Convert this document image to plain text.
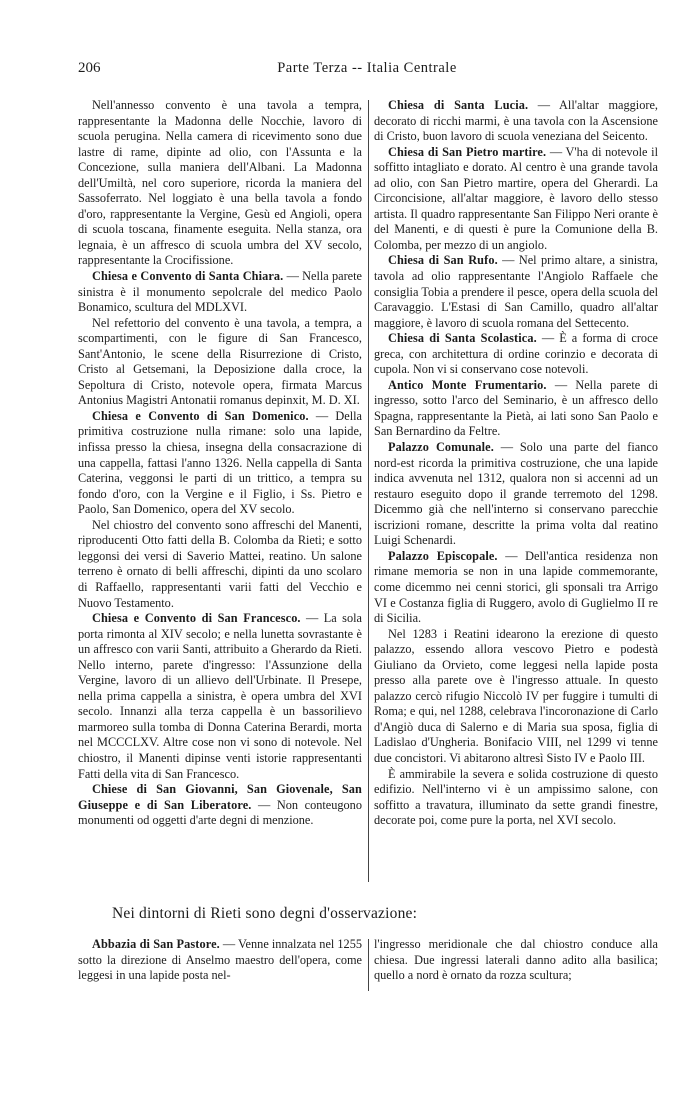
206	Parte Terza -- Italia Centrale

Nell'annesso convento è una tavola a tempra, rappresentante la Madonna delle Nocchie, lavoro di scuola perugina. Nella camera di ricevimento sono due lastre di rame, dipinte ad olio, con l'Assunta e la Concezione, sulla maniera dell'Albani. La Madonna dell'Umiltà, nel coro superiore, ricorda la maniera del Sassoferrato. Nel loggiato è una bella tavola a fondo d'oro, rappresentante la Vergine, Gesù ed Angioli, opera di scuola toscana, finamente eseguita. Nella stanza, ora legnaia, è un affresco di scuola umbra del XV secolo, rappresentante la Crocifissione.

Chiesa e Convento di Santa Chiara. — Nella parete sinistra è il monumento sepolcrale del medico Paolo Bonamico, scultura del MDLXVI.

Nel refettorio del convento è una tavola, a tempra, a scompartimenti, con le figure di San Francesco, Sant'Antonio, le scene della Risurrezione di Cristo, Cristo al Getsemani, la Deposizione dalla croce, la Sepoltura di Cristo, notevole opera, firmata Marcus Antonius Magistri Antonatii romanus depinxit, M. D. XI.

Chiesa e Convento di San Domenico. — Della primitiva costruzione nulla rimane: solo una lapide, infissa presso la chiesa, insegna della consacrazione di una cappella, fattasi l'anno 1326. Nella cappella di Santa Caterina, veggonsi le parti di un trittico, a tempra su fondo d'oro, con la Vergine e il Figlio, i Ss. Pietro e Paolo, San Domenico, opera del XV secolo.

Nel chiostro del convento sono affreschi del Manenti, riproducenti Otto fatti della B. Colomba da Rieti; e sotto leggonsi dei versi di Saverio Mattei, reatino. Un salone terreno è ornato di belli affreschi, dipinti da uno scolaro di Raffaello, rappresentanti varii fatti del Vecchio e Nuovo Testamento.

Chiesa e Convento di San Francesco. — La sola porta rimonta al XIV secolo; e nella lunetta sovrastante è un affresco con varii Santi, attribuito a Gherardo da Rieti. Nello interno, parete d'ingresso: l'Assunzione della Vergine, lavoro di un allievo dell'Urbinate. Il Presepe, nella prima cappella a sinistra, è opera umbra del XVI secolo. Innanzi alla terza cappella è un bassorilievo marmoreo sulla tomba di Donna Caterina Berardi, morta nel MCCCLXV. Altre cose non vi sono di notevole. Nel chiostro, il Manenti dipinse venti istorie rappresentanti Fatti della vita di San Francesco.

Chiese di San Giovanni, San Giovenale, San Giuseppe e di San Liberatore. — Non conteugono monumenti od oggetti d'arte degni di menzione.

Chiesa di Santa Lucia. — All'altar maggiore, decorato di ricchi marmi, è una tavola con la Ascensione di Cristo, buon lavoro di scuola veneziana del Seicento.

Chiesa di San Pietro martire. — V'ha di notevole il soffitto intagliato e dorato. Al centro è una grande tavola ad olio, con San Pietro martire, opera del Gherardi. La Circoncisione, all'altar maggiore, è lavoro dello stesso artista. Il quadro rappresentante San Filippo Neri orante è del Manenti, e di questi è pure la Comunione della B. Colomba, per mezzo di un angiolo.

Chiesa di San Rufo. — Nel primo altare, a sinistra, tavola ad olio rappresentante l'Angiolo Raffaele che consiglia Tobia a prendere il pesce, opera della scuola del Caravaggio. L'Estasi di San Camillo, quadro all'altar maggiore, è lavoro di scuola romana del Settecento.

Chiesa di Santa Scolastica. — È a forma di croce greca, con architettura di ordine corinzio e decorata di cupola. Non vi si conservano cose notevoli.

Antico Monte Frumentario. — Nella parete di ingresso, sotto l'arco del Seminario, è un affresco dello Spagna, rappresentante la Pietà, ai lati sono San Paolo e San Bernardino da Feltre.

Palazzo Comunale. — Solo una parte del fianco nord-est ricorda la primitiva costruzione, che una lapide indica avvenuta nel 1312, qualora non si accenni ad un restauro eseguito dopo il grande terremoto del 1298. Dicemmo già che nell'interno si conservano parecchie iscrizioni romane, descritte la prima volta dal reatino Luigi Schenardi.

Palazzo Episcopale. — Dell'antica residenza non rimane memoria se non in una lapide commemorante, come dicemmo nei cenni storici, gli sponsali tra Arrigo VI e Costanza figlia di Ruggero, avolo di Guglielmo II re di Sicilia.

Nel 1283 i Reatini idearono la erezione di questo palazzo, essendo allora vescovo Pietro e podestà Giuliano da Orvieto, come leggesi nella lapide posta presso alla parete ove è l'ingresso attuale. In questo palazzo cercò rifugio Niccolò IV per fuggire i tumulti di Roma; e qui, nel 1288, celebrava l'incoronazione di Carlo d'Angiò duca di Salerno e di Maria sua sposa, figlia di Ladislao d'Ungheria. Bonifacio VIII, nel 1299 vi tenne due concistori. Vi abitarono altresì Sisto IV e Paolo III.

È ammirabile la severa e solida costruzione di questo edifizio. Nell'interno vi è un ampissimo salone, con soffitto a travatura, illuminato da sette grandi finestre, decorate poi, come pure la porta, nel XVI secolo.

Nei dintorni di Rieti sono degni d'osservazione:

Abbazia di San Pastore. — Venne innalzata nel 1255 sotto la direzione di Anselmo maestro dell'opera, come leggesi in una lapide posta nel-

l'ingresso meridionale che dal chiostro conduce alla chiesa. Due ingressi laterali danno adito alla basilica; quello a nord è ornato da rozza scultura;
